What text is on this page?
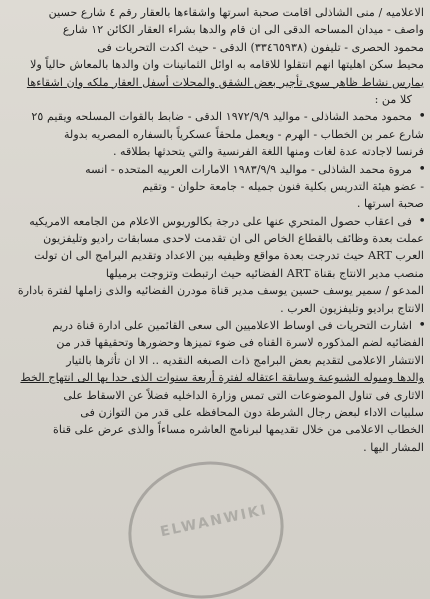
الاعلاميه / منى الشاذلى اقامت صحبة اسرتها واشقاءها بالعقار رقم ٤ شارع حسين
واصف - ميدان المساحه الدقى الى ان قام والدها بشراء العقار الكائن ١٢ شارع
محمود الحصرى - تليفون (٣٣٤٦٥٩٣٨) الدقى - حيث اكدت التحريات فى
محيط سكن اهليتها انهم انتقلوا للاقامه به اوائل الثمانينات وان والدها بالمعاش حالياً ولا
يمارس نشاط ظاهر سوى تأجير بعض الشقق والمحلات أسفل العقار ملكه وان اشقاءها
كلا من :
• محمود محمد الشاذلى - مواليد ١٩٧٢/٩/٩ الدقى - ضابط بالقوات المسلحه ويقيم ٢٥
شارع عمر بن الخطاب - الهرم - ويعمل ملحقاً عسكرياً بالسفاره المصريه بدولة
فرنسا لاجادته عدة لغات ومنها اللغة الفرنسية والتي يتحدثها بطلاقه .
• مروة محمد الشاذلى - مواليد ١٩٨٣/٩/٩ الامارات العربيه المتحده - انسه
- عضو هيئة التدريس بكلية فنون جميله - جامعة حلوان - وتقيم
صحبة اسرتها .
• فى اعقاب حصول المتحري عنها على درجة بكالوريوس الاعلام من الجامعه الامريكيه
عملت بعدة وظائف بالقطاع الخاص الى ان تقدمت لاحدى مسابقات راديو وتليفزيون
العرب ART حيث تدرجت بعدة مواقع وظيفيه بين الاعداد وتقديم البرامج الى ان تولت
منصب مدير الانتاج بقناة ART الفضائيه حيث ارتبطت وتزوجت برميلها
المدعو / سمير يوسف حسين يوسف مدير قناة مودرن الفضائيه والذى زاملها لفترة بادارة
الانتاج براديو وتليفزيون العرب .
• اشارت التحريات فى اوساط الاعلاميين الى سعى القائمين على ادارة قناة دريم
الفضائيه لضم المذكوره لاسرة القناه فى ضوء تميزها وحضورها وتحقيقها قدر من
الانتشار الاعلامى لتقديم بعض البرامج ذات الصبغه النقديه .. الا ان تأثرها بالتيار
والدها وميوله الشيوعية وسابقة اعتقاله لفترة أربعة سنوات الذى حدا بها الى انتهاج الخط
الاثارى فى تناول الموضوعات التى تمس وزارة الداخليه فضلاً عن الاسقاط على
سلبيات الاداء لبعض رجال الشرطة دون المحافظه على قدر من التوازن فى
الخطاب الاعلامى من خلال تقديمها لبرنامج العاشره مساءاً والذى عرض على قناة
المشار اليها .
ELWANWIKI
